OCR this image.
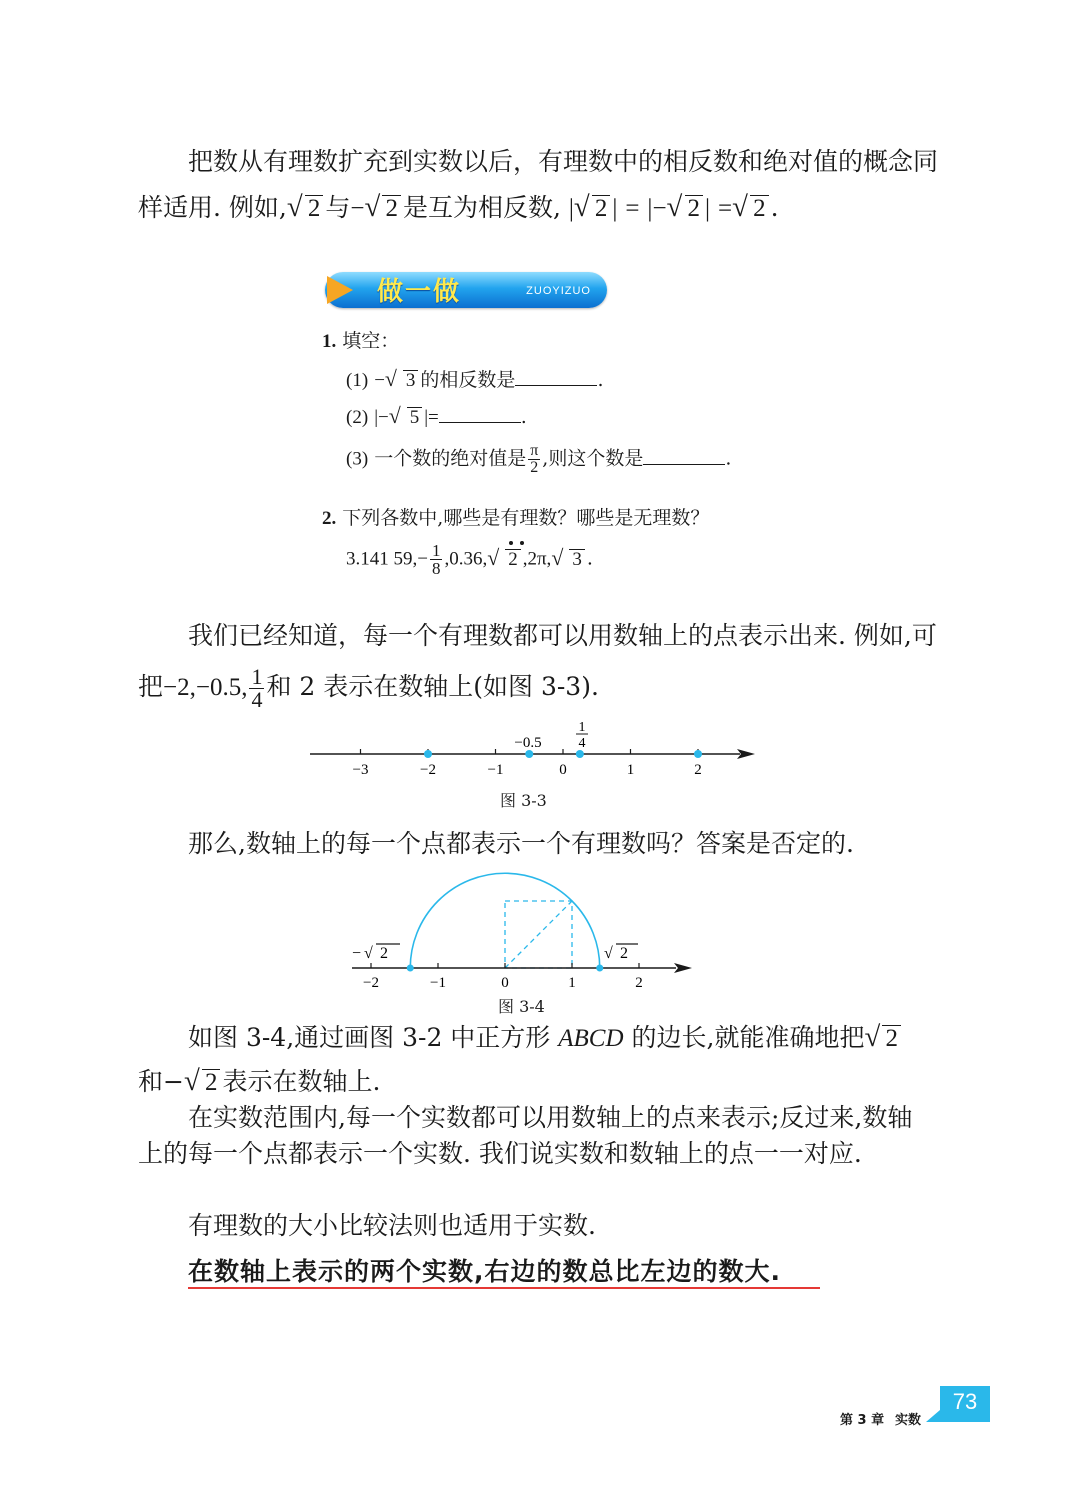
把数从有理数扩充到实数以后，有理数中的相反数和绝对值的概念同
样适用. 例如,√ 2 与−√ 2 是互为相反数, |√ 2 | = |−√ 2 | =√ 2 .
做一做	ZUOYIZUO
1. 填空：
(1) −√ 3 的相反数是	.
(2) |−√ 5 |=	.
(3) 一个数的绝对值是 $\frac{\pi}{2}$ ,则这个数是	.
2. 下列各数中,哪些是有理数？哪些是无理数？
3.141 $59,- \frac{1}{8} ,0.36,√$ 2 ,2π,√ 3 .
我们已经知道，每一个有理数都可以用数轴上的点表示出来. 例如,可
把−2,−0.5, $\frac{1}{4}$ 和 2 表示在数轴上(如图 3-3).
−3	−2	−1	0	1	2
−0.5
1
4
图 3-3
那么,数轴上的每一个点都表示一个有理数吗？答案是否定的.
−2	−1	0	1	2
− √ 2	√ 2
图 3-4
如图 3-4,通过画图 3-2 中正方形 ABCD 的边长,就能准确地把√ 2
和−√ 2 表示在数轴上.
在实数范围内,每一个实数都可以用数轴上的点来表示;反过来,数轴
上的每一个点都表示一个实数. 我们说实数和数轴上的点一一对应.
有理数的大小比较法则也适用于实数.
在数轴上表示的两个实数,右边的数总比左边的数大.
第 3 章 实数
73
